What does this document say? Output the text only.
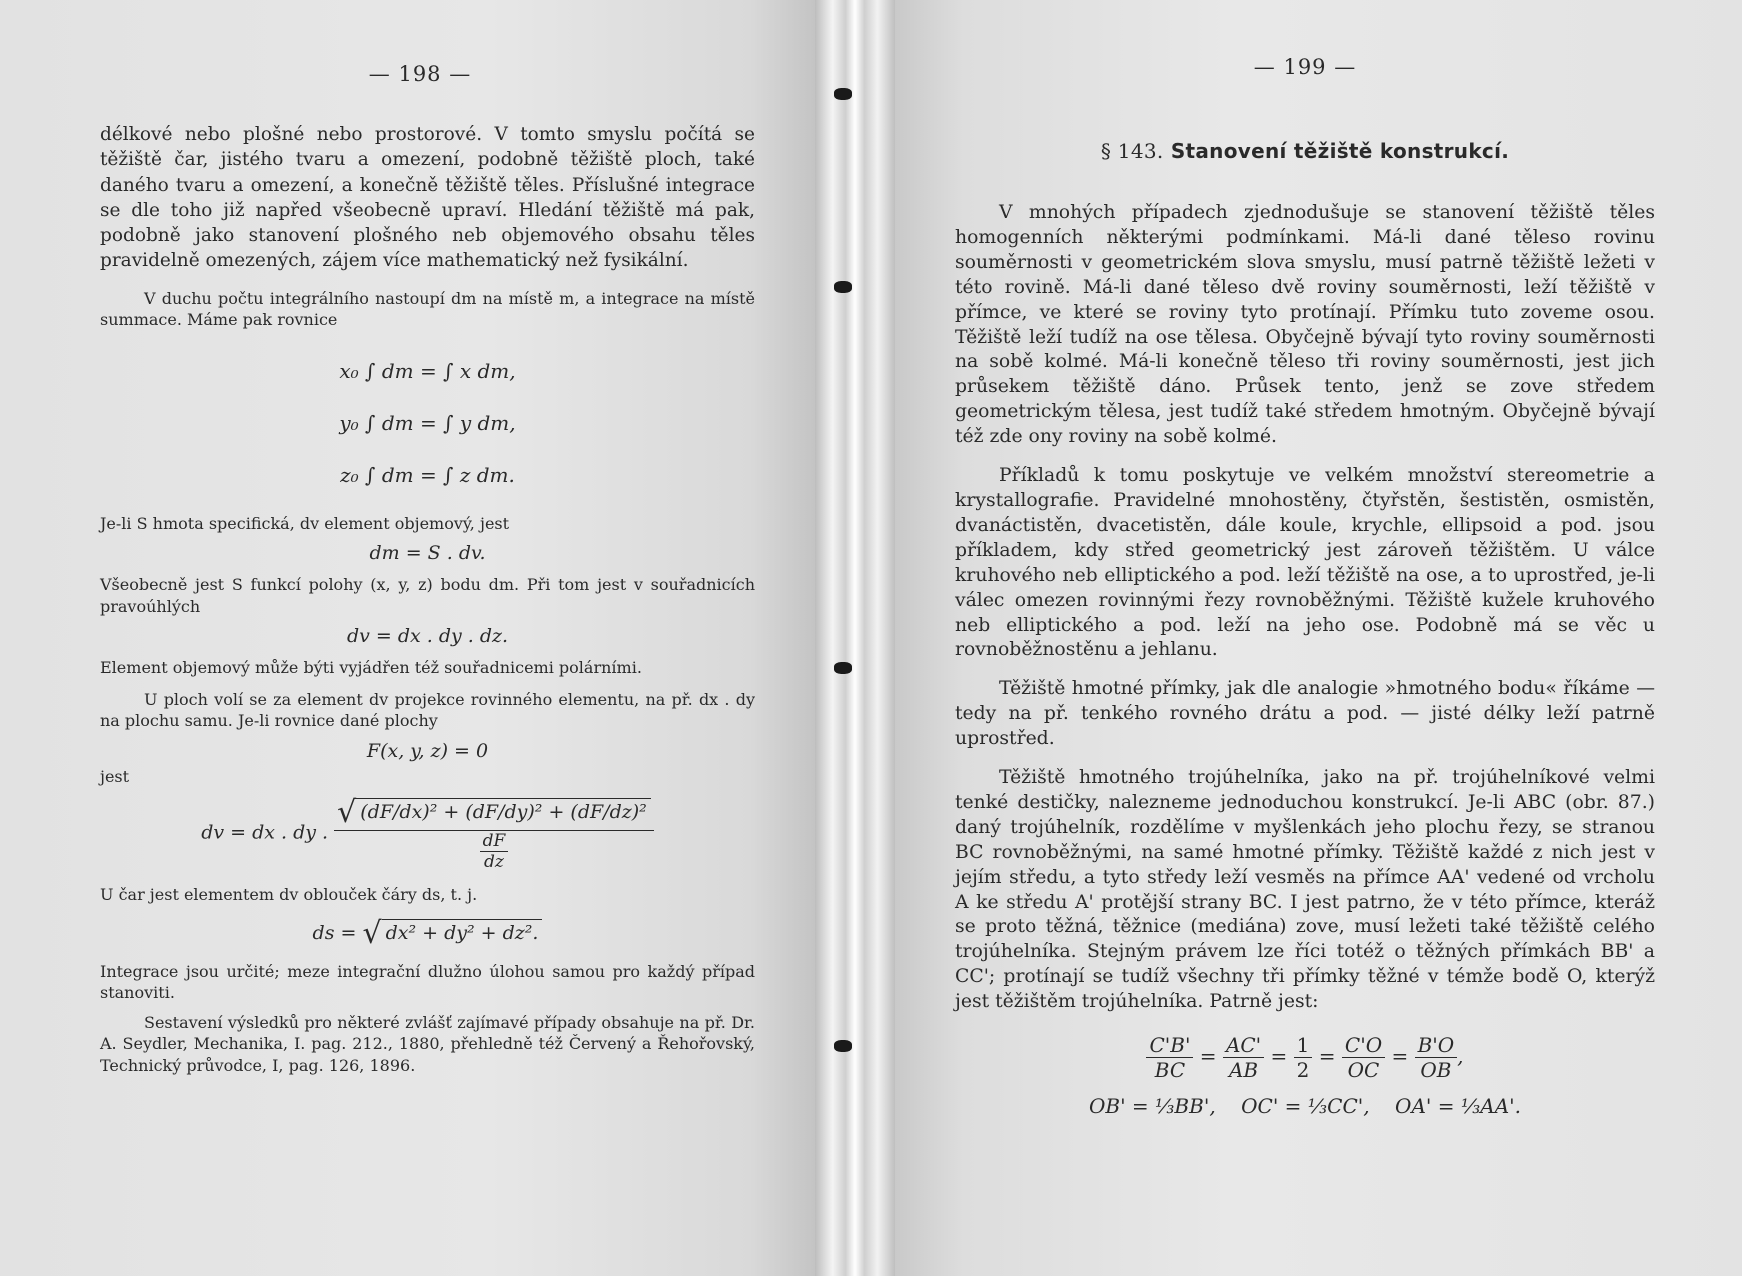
— 198 —

délkové nebo plošné nebo prostorové. V tomto smyslu počítá se těžiště čar, jistého tvaru a omezení, podobně těžiště ploch, také daného tvaru a omezení, a konečně těžiště těles. Příslušné integrace se dle toho již napřed všeobecně upraví. Hledání těžiště má pak, podobně jako stanovení plošného neb objemového obsahu těles pravidelně omezených, zájem více mathematický než fysikální.

V duchu počtu integrálního nastoupí dm na místě m, a integrace na místě summace. Máme pak rovnice

x₀ ∫ dm = ∫ x dm,
y₀ ∫ dm = ∫ y dm,
z₀ ∫ dm = ∫ z dm.

Je-li S hmota specifická, dv element objemový, jest

dm = S . dv.

Všeobecně jest S funkcí polohy (x, y, z) bodu dm. Při tom jest v souřadnicích pravoúhlých

dv = dx . dy . dz.

Element objemový může býti vyjádřen též souřadnicemi polárními.

U ploch volí se za element dv projekce rovinného elementu, na př. dx . dy na plochu samu. Je-li rovnice dané plochy

F(x, y, z) = 0

jest

dv = dx . dy . $\frac{\text{√ (dF/dx)² + (dF/dy)² + (dF/dz)²}}{\frac{dF}{dz}}$

U čar jest elementem dv oblouček čáry ds, t. j.

ds = √ dx² + dy² + dz².

Integrace jsou určité; meze integrační dlužno úlohou samou pro každý případ stanoviti.

Sestavení výsledků pro některé zvlášť zajímavé případy obsahuje na př. Dr. A. Seydler, Mechanika, I. pag. 212., 1880, přehledně též Červený a Řehořovský, Technický průvodce, I, pag. 126, 1896.

— 199 —
§ 143. Stanovení těžiště konstrukcí.

V mnohých případech zjednodušuje se stanovení těžiště těles homogenních některými podmínkami. Má-li dané těleso rovinu souměrnosti v geometrickém slova smyslu, musí patrně těžiště ležeti v této rovině. Má-li dané těleso dvě roviny souměrnosti, leží těžiště v přímce, ve které se roviny tyto protínají. Přímku tuto zoveme osou. Těžiště leží tudíž na ose tělesa. Obyčejně bývají tyto roviny souměrnosti na sobě kolmé. Má-li konečně těleso tři roviny souměrnosti, jest jich průsekem těžiště dáno. Průsek tento, jenž se zove středem geometrickým tělesa, jest tudíž také středem hmotným. Obyčejně bývají též zde ony roviny na sobě kolmé.

Příkladů k tomu poskytuje ve velkém množství stereometrie a krystallografie. Pravidelné mnohostěny, čtyřstěn, šestistěn, osmistěn, dvanáctistěn, dvacetistěn, dále koule, krychle, ellipsoid a pod. jsou příkladem, kdy střed geometrický jest zároveň těžištěm. U válce kruhového neb elliptického a pod. leží těžiště na ose, a to uprostřed, je-li válec omezen rovinnými řezy rovnoběžnými. Těžiště kužele kruhového neb elliptického a pod. leží na jeho ose. Podobně má se věc u rovnoběžnostěnu a jehlanu.

Těžiště hmotné přímky, jak dle analogie »hmotného bodu« říkáme — tedy na př. tenkého rovného drátu a pod. — jisté délky leží patrně uprostřed.

Těžiště hmotného trojúhelníka, jako na př. trojúhelníkové velmi tenké destičky, nalezneme jednoduchou konstrukcí. Je-li ABC (obr. 87.) daný trojúhelník, rozdělíme v myšlenkách jeho plochu řezy, se stranou BC rovnoběžnými, na samé hmotné přímky. Těžiště každé z nich jest v jejím středu, a tyto středy leží vesměs na přímce AA' vedené od vrcholu A ke středu A' protější strany BC. I jest patrno, že v této přímce, kteráž se proto těžná, těžnice (mediána) zove, musí ležeti také těžiště celého trojúhelníka. Stejným právem lze říci totéž o těžných přímkách BB' a CC'; protínají se tudíž všechny tři přímky těžné v témže bodě O, kterýž jest těžištěm trojúhelníka. Patrně jest:

$\frac{C'B'}{BC} = \frac{AC'}{AB} = \frac{1}{2} = \frac{C'O}{OC} = \frac{B'O}{OB}$ ,
OB' = ⅓BB',    OC' = ⅓CC',    OA' = ⅓AA'.
